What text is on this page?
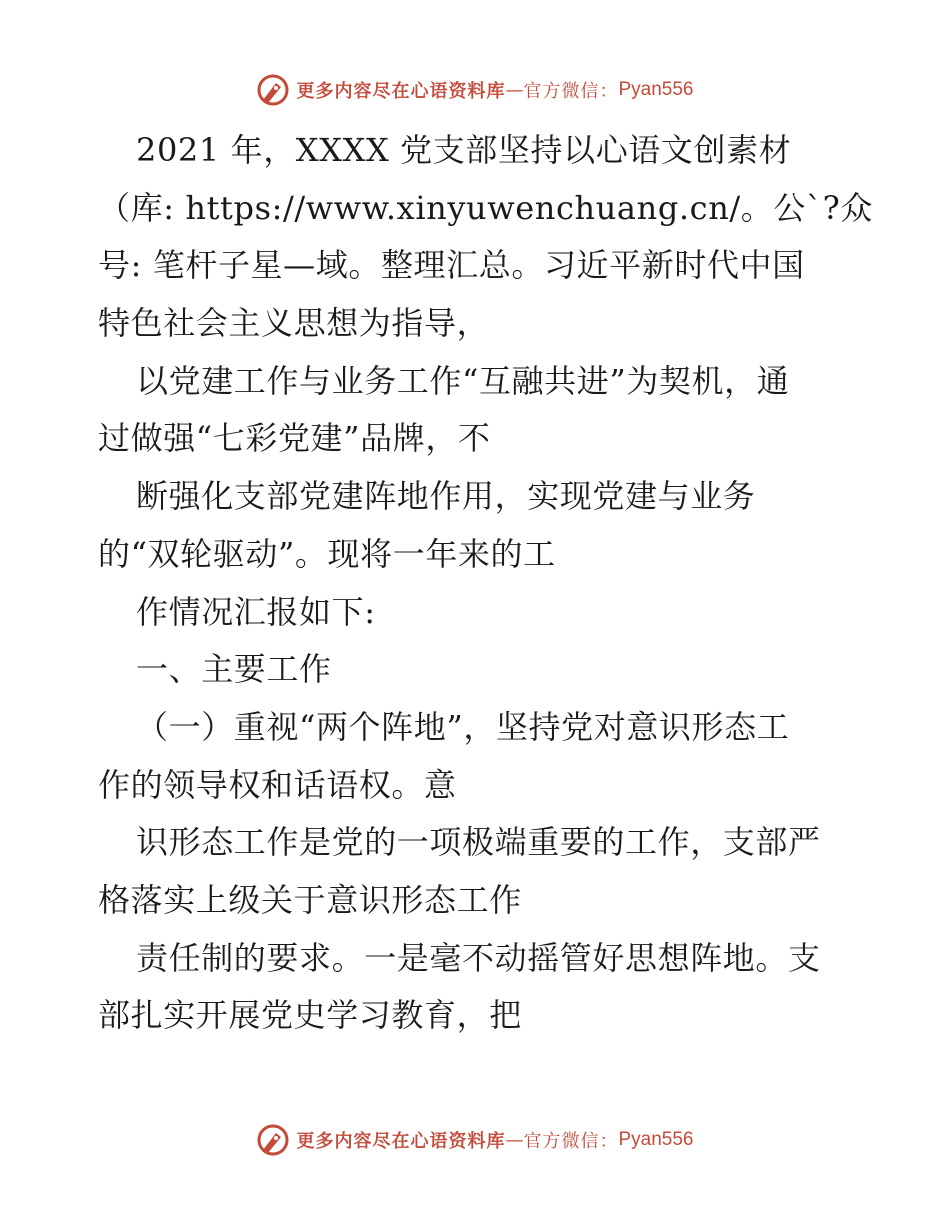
更多内容尽在心语资料库 — 官方微信： Pyan556
2021 年，XXXX 党支部坚持以心语文创素材
（库: https://www.xinyuwenchuang.cn/。公`?众
号: 笔杆子星—域。整理汇总。习近平新时代中国
特色社会主义思想为指导，
以党建工作与业务工作“互融共进”为契机，通
过做强“七彩党建”品牌，不
断强化支部党建阵地作用，实现党建与业务
的“双轮驱动”。现将一年来的工
作情况汇报如下:
一、主要工作
（一）重视“两个阵地”，坚持党对意识形态工
作的领导权和话语权。意
识形态工作是党的一项极端重要的工作，支部严
格落实上级关于意识形态工作
责任制的要求。一是毫不动摇管好思想阵地。支
部扎实开展党史学习教育，把
更多内容尽在心语资料库 — 官方微信： Pyan556
